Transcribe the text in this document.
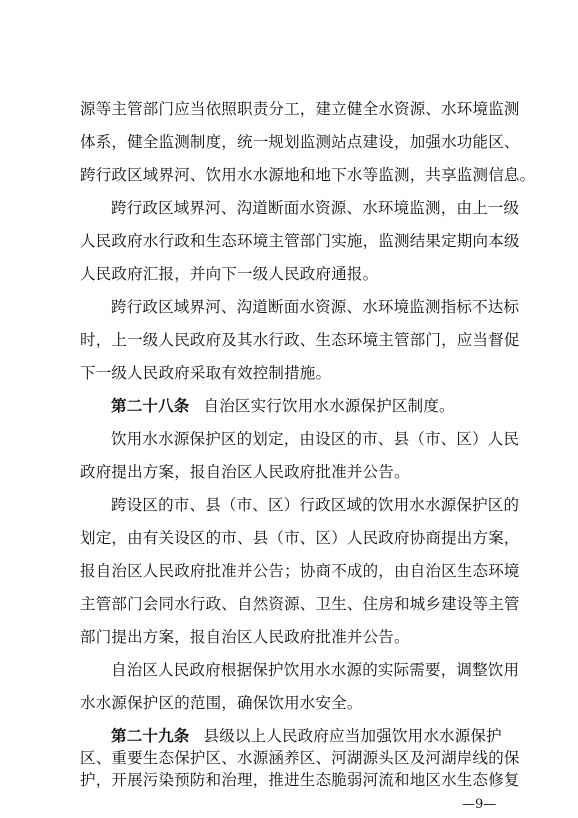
源等主管部门应当依照职责分工，建立健全水资源、水环境监测
体系，健全监测制度，统一规划监测站点建设，加强水功能区、
跨行政区域界河、饮用水水源地和地下水等监测，共享监测信息。
跨行政区域界河、沟道断面水资源、水环境监测，由上一级
人民政府水行政和生态环境主管部门实施，监测结果定期向本级
人民政府汇报，并向下一级人民政府通报。
跨行政区域界河、沟道断面水资源、水环境监测指标不达标
时，上一级人民政府及其水行政、生态环境主管部门，应当督促
下一级人民政府采取有效控制措施。
第二十八条 自治区实行饮用水水源保护区制度。
饮用水水源保护区的划定，由设区的市、县（市、区）人民
政府提出方案，报自治区人民政府批准并公告。
跨设区的市、县（市、区）行政区域的饮用水水源保护区的
划定，由有关设区的市、县（市、区）人民政府协商提出方案，
报自治区人民政府批准并公告；协商不成的，由自治区生态环境
主管部门会同水行政、自然资源、卫生、住房和城乡建设等主管
部门提出方案，报自治区人民政府批准并公告。
自治区人民政府根据保护饮用水水源的实际需要，调整饮用
水水源保护区的范围，确保饮用水安全。
第二十九条 县级以上人民政府应当加强饮用水水源保护
区、重要生态保护区、水源涵养区、河湖源头区及河湖岸线的保
—9—
护，开展污染预防和治理，推进生态脆弱河流和地区水生态修复
